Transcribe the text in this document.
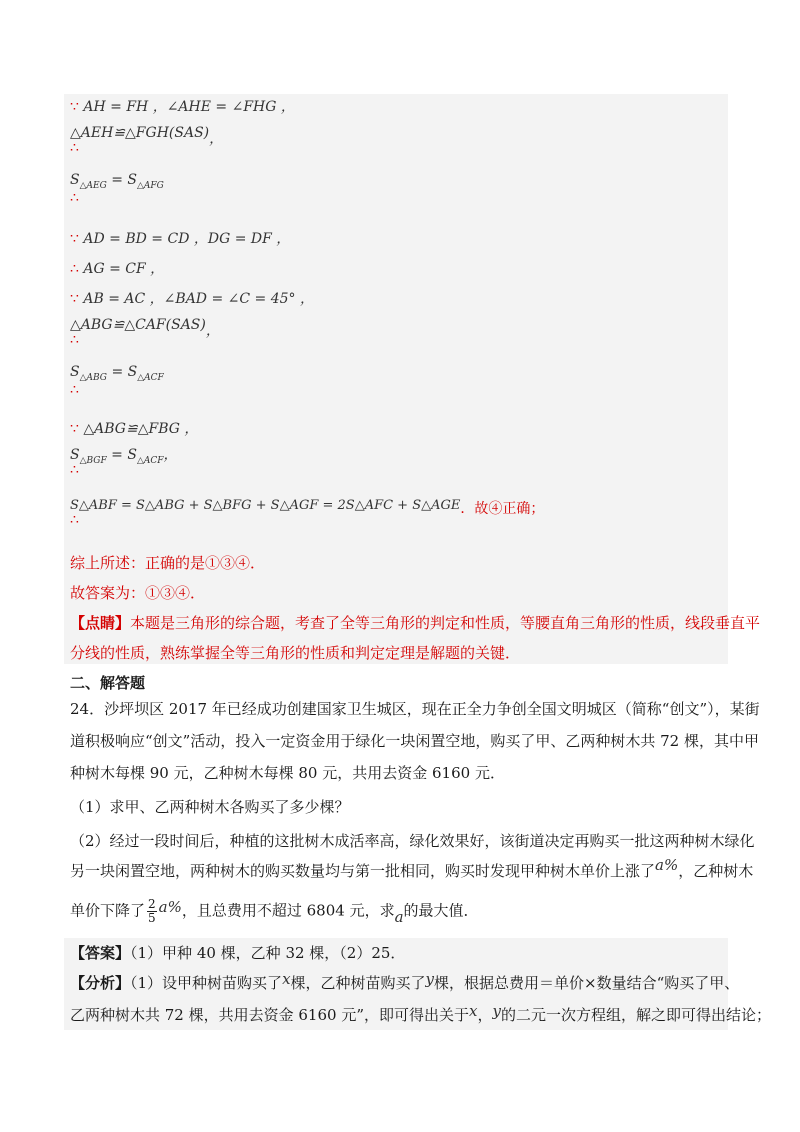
∵ AH = FH ，∠AHE = ∠FHG ，
△AEH≌△FGH(SAS)，
∴
$S_{\triangle AEG} = S_{\triangle AFG}$
∴
∵ AD = BD = CD ，DG = DF ，
∴ AG = CF ，
∵ AB = AC ，∠BAD = ∠C = 45° ，
△ABG≌△CAF(SAS)，
∴
$S_{\triangle ABG} = S_{\triangle ACF}$
∴
∵ △ABG≌△FBG ，
$S_{\triangle BGF} = S_{\triangle ACF}$，
∴
S△ABF = S△ABG + S△BFG + S△AGF = 2S△AFC + S△AGE．故④正确；
∴
综上所述：正确的是①③④．
故答案为：①③④．
【点睛】本题是三角形的综合题，考查了全等三角形的判定和性质，等腰直角三角形的性质，线段垂直平
分线的性质，熟练掌握全等三角形的性质和判定定理是解题的关键．
二、解答题
24．沙坪坝区 2017 年已经成功创建国家卫生城区，现在正全力争创全国文明城区（简称“创文”），某街
道积极响应“创文”活动，投入一定资金用于绿化一块闲置空地，购买了甲、乙两种树木共 72 棵，其中甲
种树木每棵 90 元，乙种树木每棵 80 元，共用去资金 6160 元．
（1）求甲、乙两种树木各购买了多少棵？
（2）经过一段时间后，种植的这批树木成活率高，绿化效果好，该街道决定再购买一批这两种树木绿化
另一块闲置空地，两种树木的购买数量均与第一批相同，购买时发现甲种树木单价上涨了a%，乙种树木
单价下降了 $\frac{2}{5} a\%$，且总费用不超过 6804 元，求a的最大值．
【答案】（1）甲种 40 棵，乙种 32 棵，（2）25．
【分析】（1）设甲种树苗购买了x棵，乙种树苗购买了y棵，根据总费用＝单价×数量结合“购买了甲、
乙两种树木共 72 棵，共用去资金 6160 元”，即可得出关于x，y的二元一次方程组，解之即可得出结论；
